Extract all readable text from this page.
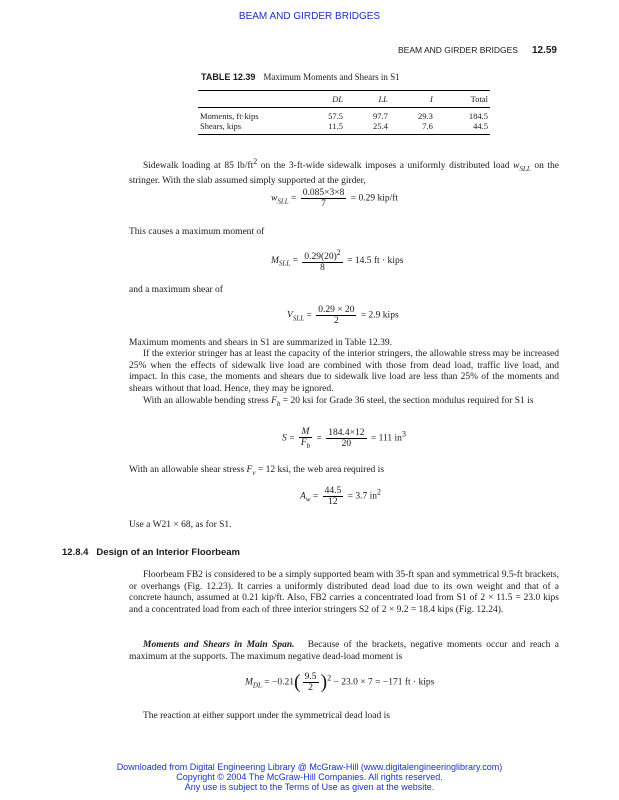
BEAM AND GIRDER BRIDGES
BEAM AND GIRDER BRIDGES 12.59
TABLE 12.39 Maximum Moments and Shears in S1
	DL	LL	I	Total
Moments, ft·kips	57.5	97.7	29.3	184.5
Shears, kips	11.5	25.4	7.6	44.5
Sidewalk loading at 85 $lb/ft^2$ on the 3-ft-wide sidewalk imposes a uniformly distributed load $w_{SLL}$ on the stringer. With the slab assumed simply supported at the girder,
$w_{SLL} = \frac{0.085\times 3\times 8}{7} = 0.29$ kip/ft
This causes a maximum moment of
$M_{SLL} = \frac{0.29(20)^2}{8} = 14.5$ ft · kips
and a maximum shear of
$V_{SLL} = \frac{0.29 \times 20}{2} = 2.9$ kips
Maximum moments and shears in S1 are summarized in Table 12.39.
If the exterior stringer has at least the capacity of the interior stringers, the allowable stress may be increased 25% when the effects of sidewalk live load are combined with those from dead load, traffic live load, and impact. In this case, the moments and shears due to sidewalk live load are less than 25% of the moments and shears without that load. Hence, they may be ignored.
With an allowable bending stress $F_b = 20$ ksi for Grade 36 steel, the section modulus required for S1 is
$S = \frac{M}{F_b} = \frac{184.4\times 12}{20} = 111$ $in^3$
With an allowable shear stress $F_v = 12$ ksi, the web area required is
$A_w = \frac{44.5}{12} = 3.7$ $in^2$
Use a W21 × 68, as for S1.
12.8.4 Design of an Interior Floorbeam
Floorbeam FB2 is considered to be a simply supported beam with 35-ft span and symmetrical 9.5-ft brackets, or overhangs (Fig. 12.23). It carries a uniformly distributed dead load due to its own weight and that of a concrete haunch, assumed at 0.21 kip/ft. Also, FB2 carries a concentrated load from S1 of 2 × 11.5 = 23.0 kips and a concentrated load from each of three interior stringers S2 of 2 × 9.2 = 18.4 kips (Fig. 12.24).
Moments and Shears in Main Span. Because of the brackets, negative moments occur and reach a maximum at the supports. The maximum negative dead-load moment is
$M_{DL} = -0.21( \frac{9.5}{2} )^2 - 23.0 \times 7 = -171$ ft · kips
The reaction at either support under the symmetrical dead load is
Downloaded from Digital Engineering Library @ McGraw-Hill (www.digitalengineeringlibrary.com)
Copyright © 2004 The McGraw-Hill Companies. All rights reserved.
Any use is subject to the Terms of Use as given at the website.
